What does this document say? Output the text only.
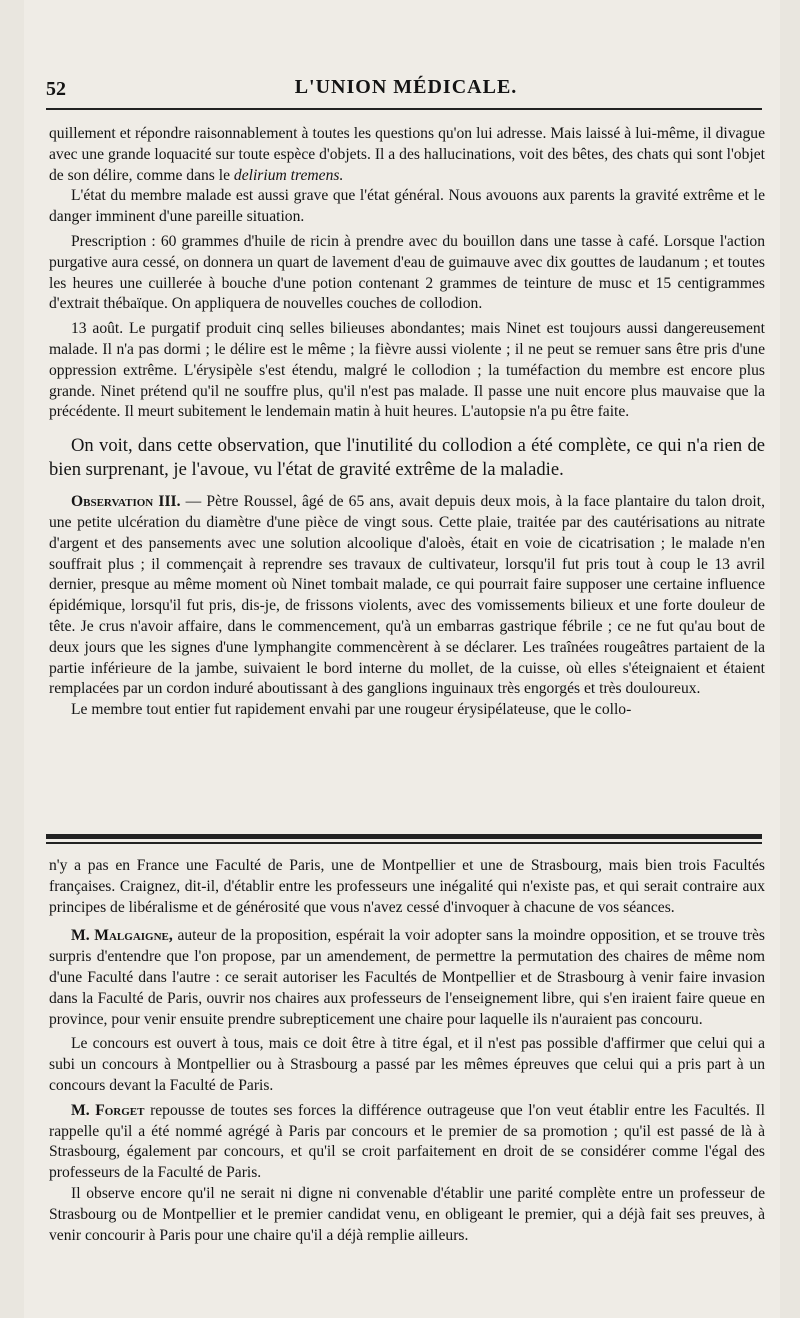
52	L'UNION MÉDICALE.

quillement et répondre raisonnablement à toutes les questions qu'on lui adresse. Mais laissé à lui-même, il divague avec une grande loquacité sur toute espèce d'objets. Il a des hallucinations, voit des bêtes, des chats qui sont l'objet de son délire, comme dans le delirium tremens.

L'état du membre malade est aussi grave que l'état général. Nous avouons aux parents la gravité extrême et le danger imminent d'une pareille situation.

Prescription : 60 grammes d'huile de ricin à prendre avec du bouillon dans une tasse à café. Lorsque l'action purgative aura cessé, on donnera un quart de lavement d'eau de guimauve avec dix gouttes de laudanum ; et toutes les heures une cuillerée à bouche d'une potion contenant 2 grammes de teinture de musc et 15 centigrammes d'extrait thébaïque. On appliquera de nouvelles couches de collodion.

13 août. Le purgatif produit cinq selles bilieuses abondantes; mais Ninet est toujours aussi dangereusement malade. Il n'a pas dormi ; le délire est le même ; la fièvre aussi violente ; il ne peut se remuer sans être pris d'une oppression extrême. L'érysipèle s'est étendu, malgré le collodion ; la tuméfaction du membre est encore plus grande. Ninet prétend qu'il ne souffre plus, qu'il n'est pas malade. Il passe une nuit encore plus mauvaise que la précédente. Il meurt subitement le lendemain matin à huit heures. L'autopsie n'a pu être faite.

On voit, dans cette observation, que l'inutilité du collodion a été complète, ce qui n'a rien de bien surprenant, je l'avoue, vu l'état de gravité extrême de la maladie.

Observation III. — Pètre Roussel, âgé de 65 ans, avait depuis deux mois, à la face plantaire du talon droit, une petite ulcération du diamètre d'une pièce de vingt sous. Cette plaie, traitée par des cautérisations au nitrate d'argent et des pansements avec une solution alcoolique d'aloès, était en voie de cicatrisation ; le malade n'en souffrait plus ; il commençait à reprendre ses travaux de cultivateur, lorsqu'il fut pris tout à coup le 13 avril dernier, presque au même moment où Ninet tombait malade, ce qui pourrait faire supposer une certaine influence épidémique, lorsqu'il fut pris, dis-je, de frissons violents, avec des vomissements bilieux et une forte douleur de tête. Je crus n'avoir affaire, dans le commencement, qu'à un embarras gastrique fébrile ; ce ne fut qu'au bout de deux jours que les signes d'une lymphangite commencèrent à se déclarer. Les traînées rougeâtres partaient de la partie inférieure de la jambe, suivaient le bord interne du mollet, de la cuisse, où elles s'éteignaient et étaient remplacées par un cordon induré aboutissant à des ganglions inguinaux très engorgés et très douloureux.

Le membre tout entier fut rapidement envahi par une rougeur érysipélateuse, que le collo-

n'y a pas en France une Faculté de Paris, une de Montpellier et une de Strasbourg, mais bien trois Facultés françaises. Craignez, dit-il, d'établir entre les professeurs une inégalité qui n'existe pas, et qui serait contraire aux principes de libéralisme et de générosité que vous n'avez cessé d'invoquer à chacune de vos séances.

M. Malgaigne, auteur de la proposition, espérait la voir adopter sans la moindre opposition, et se trouve très surpris d'entendre que l'on propose, par un amendement, de permettre la permutation des chaires de même nom d'une Faculté dans l'autre : ce serait autoriser les Facultés de Montpellier et de Strasbourg à venir faire invasion dans la Faculté de Paris, ouvrir nos chaires aux professeurs de l'enseignement libre, qui s'en iraient faire queue en province, pour venir ensuite prendre subrepticement une chaire pour laquelle ils n'auraient pas concouru.

Le concours est ouvert à tous, mais ce doit être à titre égal, et il n'est pas possible d'affirmer que celui qui a subi un concours à Montpellier ou à Strasbourg a passé par les mêmes épreuves que celui qui a pris part à un concours devant la Faculté de Paris.

M. Forget repousse de toutes ses forces la différence outrageuse que l'on veut établir entre les Facultés. Il rappelle qu'il a été nommé agrégé à Paris par concours et le premier de sa promotion ; qu'il est passé de là à Strasbourg, également par concours, et qu'il se croit parfaitement en droit de se considérer comme l'égal des professeurs de la Faculté de Paris.

Il observe encore qu'il ne serait ni digne ni convenable d'établir une parité complète entre un professeur de Strasbourg ou de Montpellier et le premier candidat venu, en obligeant le premier, qui a déjà fait ses preuves, à venir concourir à Paris pour une chaire qu'il a déjà remplie ailleurs.
